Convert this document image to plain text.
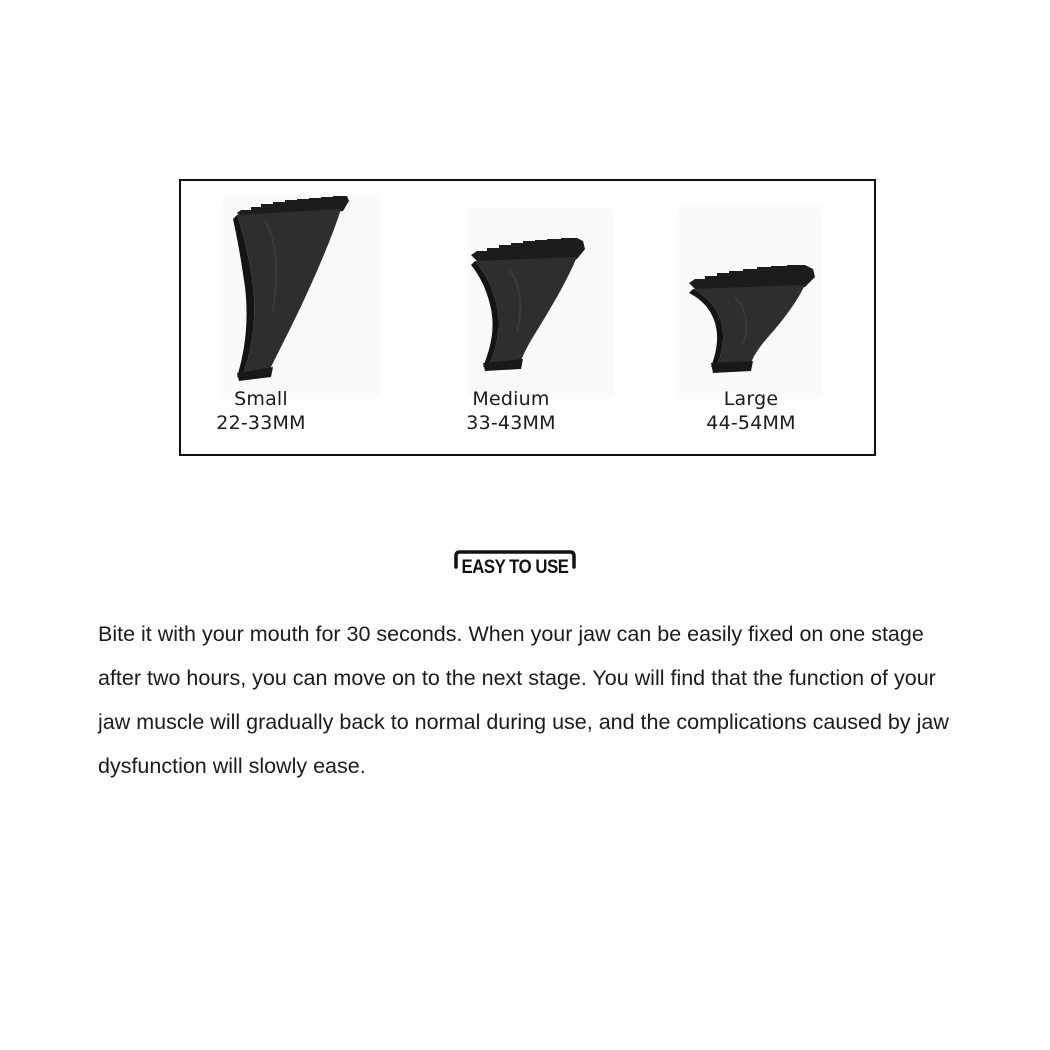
Small
22-33MM
Medium
33-43MM
Large
44-54MM
EASY TO USE

Bite it with your mouth for 30 seconds. When your jaw can be easily fixed on one stage after two hours, you can move on to the next stage. You will find that the function of your jaw muscle will gradually back to normal during use, and the complications caused by jaw dysfunction will slowly ease.
